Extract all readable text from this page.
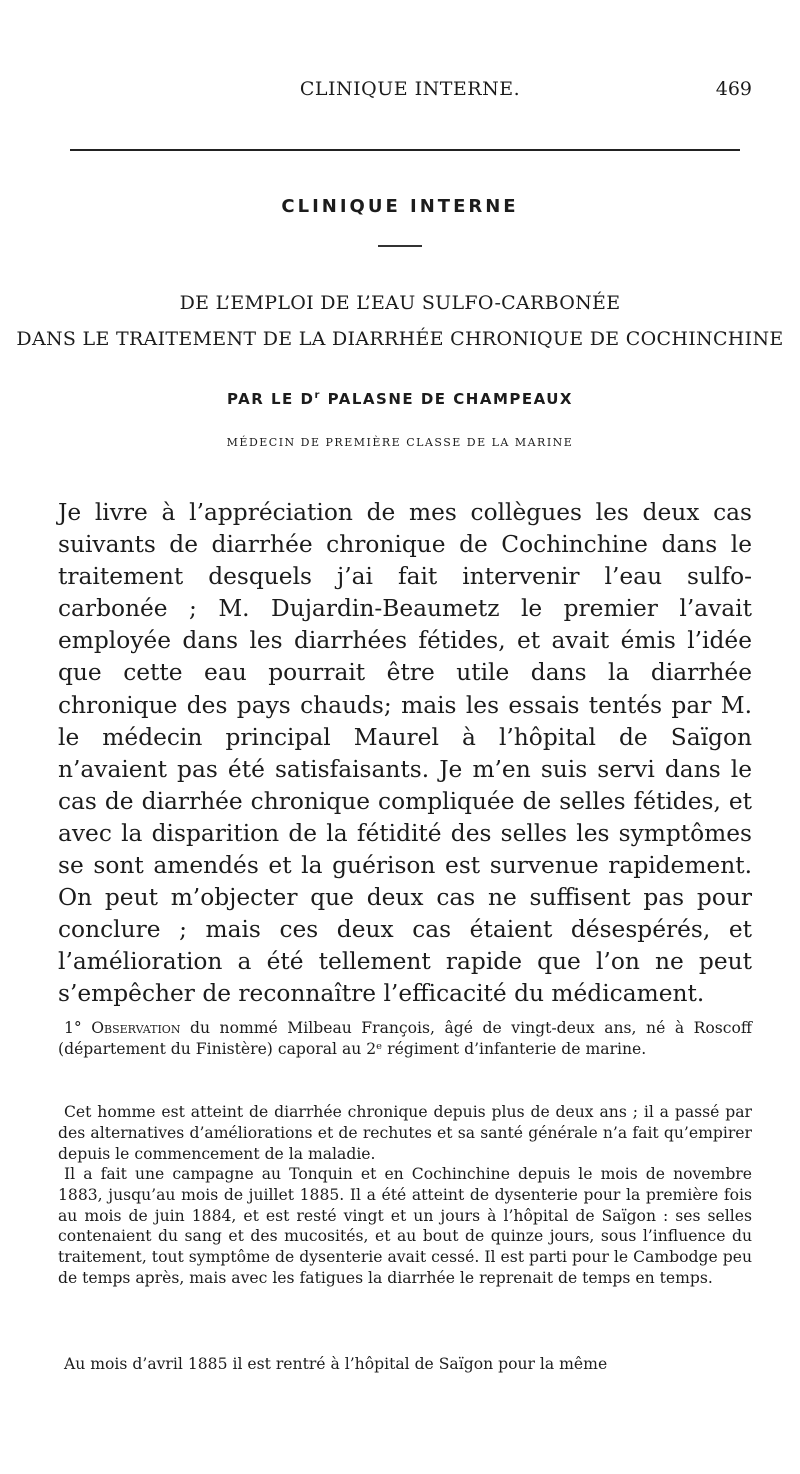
CLINIQUE INTERNE.	469
CLINIQUE INTERNE
DE L’EMPLOI DE L’EAU SULFO-CARBONÉE
DANS LE TRAITEMENT DE LA DIARRHÉE CHRONIQUE DE COCHINCHINE
PAR LE $D^r$ PALASNE DE CHAMPEAUX
MÉDECIN DE PREMIÈRE CLASSE DE LA MARINE

Je livre à l’appréciation de mes collègues les deux cas suivants de diarrhée chronique de Cochinchine dans le traitement desquels j’ai fait intervenir l’eau sulfo-carbonée ; M. Dujardin-Beaumetz le premier l’avait employée dans les diarrhées fétides, et avait émis l’idée que cette eau pourrait être utile dans la diarrhée chronique des pays chauds; mais les essais tentés par M. le médecin principal Maurel à l’hôpital de Saïgon n’avaient pas été satisfaisants. Je m’en suis servi dans le cas de diarrhée chronique compliquée de selles fétides, et avec la disparition de la fétidité des selles les symptômes se sont amendés et la guérison est survenue rapidement. On peut m’objecter que deux cas ne suffisent pas pour conclure ; mais ces deux cas étaient désespérés, et l’amélioration a été tellement rapide que l’on ne peut s’empêcher de reconnaître l’efficacité du médicament.

1° Observation du nommé Milbeau François, âgé de vingt-deux ans, né à Roscoff (département du Finistère) caporal au 2ᵉ régiment d’infanterie de marine.

Cet homme est atteint de diarrhée chronique depuis plus de deux ans ; il a passé par des alternatives d’améliorations et de rechutes et sa santé générale n’a fait qu’empirer depuis le commencement de la maladie.

Il a fait une campagne au Tonquin et en Cochinchine depuis le mois de novembre 1883, jusqu’au mois de juillet 1885. Il a été atteint de dysenterie pour la première fois au mois de juin 1884, et est resté vingt et un jours à l’hôpital de Saïgon : ses selles contenaient du sang et des mucosités, et au bout de quinze jours, sous l’influence du traitement, tout symptôme de dysenterie avait cessé. Il est parti pour le Cambodge peu de temps après, mais avec les fatigues la diarrhée le reprenait de temps en temps.

Au mois d’avril 1885 il est rentré à l’hôpital de Saïgon pour la même
